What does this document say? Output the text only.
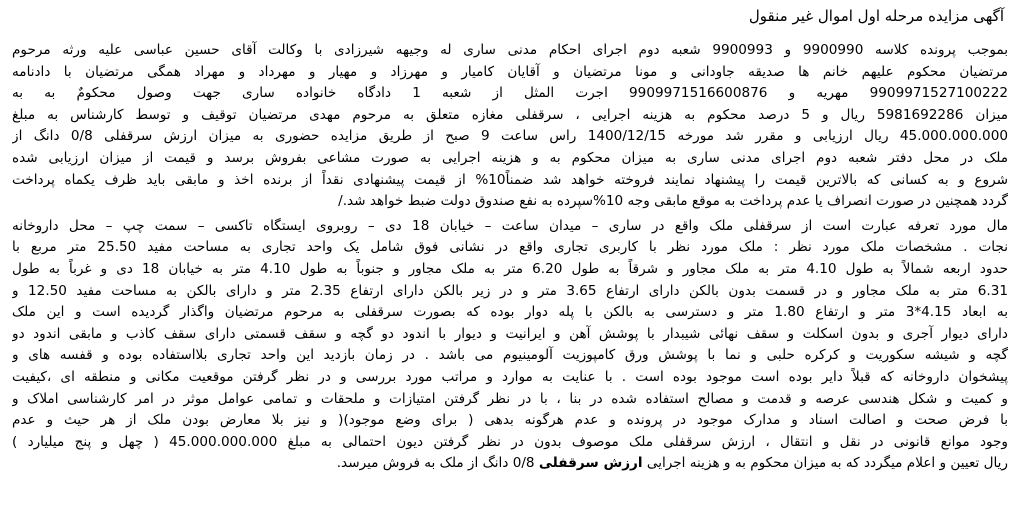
آگهی مزایده مرحله اول اموال غیر منقول
بموجب پرونده کلاسه 9900990 و 9900993 شعبه دوم اجرای احکام مدنی ساری له وجیهه شیرزادی با وکالت آقای حسین عباسی علیه ورثه مرحوم
مرتضیان محکوم علیهم خانم ها صدیقه جاودانی و مونا مرتضیان و آقایان کامیار و مهرزاد و مهیار و مهرداد و مهراد همگی مرتضیان با دادنامه
9909971527100222 مهریه و 9909971516600876 اجرت المثل از شعبه 1 دادگاه خانواده ساری جهت وصول محکومٌ به به
میزان 5981692286 ریال و 5 درصد محکوم به هزینه اجرایی ، سرقفلی مغازه متعلق به مرحوم مهدی مرتضیان توقیف و توسط کارشناس به مبلغ
45.000.000.000 ریال ارزیابی و مقرر شد مورخه 1400/12/15 راس ساعت 9 صبح از طریق مزایده حضوری به میزان ارزش سرقفلی 0/8 دانگ از
ملک در محل دفتر شعبه دوم اجرای مدنی ساری به میزان محکوم به و هزینه اجرایی به صورت مشاعی بفروش برسد و قیمت از میزان ارزیابی شده
شروع و به کسانی که بالاترین قیمت را پیشنهاد نمایند فروخته خواهد شد ضمناً10% از قیمت پیشنهادی نقداً از برنده اخذ و مابقی باید ظرف یکماه پرداخت
گردد همچنین در صورت انصراف یا عدم پرداخت به موقع مابقی وجه 10%سپرده به نفع صندوق دولت ضبط خواهد شد./
مال مورد تعرفه عبارت است از سرقفلی ملک واقع در ساری – میدان ساعت – خیابان 18 دی – روبروی ایستگاه تاکسی – سمت چپ – محل داروخانه
نجات . مشخصات ملک مورد نظر : ملک مورد نظر با کاربری تجاری واقع در نشانی فوق شامل یک واحد تجاری به مساحت مفید 25.50 متر مربع با
حدود اربعه شمالاً به طول 4.10 متر به ملک مجاور و شرقاً به طول 6.20 متر به ملک مجاور و جنوباً به طول 4.10 متر به خیابان 18 دی و غرباً به طول
6.31 متر به ملک مجاور و در قسمت بدون بالکن دارای ارتفاع 3.65 متر و در زیر بالکن دارای ارتفاع 2.35 متر و دارای بالکن به مساحت مفید 12.50 و
به ابعاد 4.15*3 متر و ارتفاع 1.80 متر و دسترسی به بالکن با پله دوار بوده که بصورت سرقفلی به مرحوم مرتضیان واگذار گردیده است و این ملک
دارای دیوار آجری و بدون اسکلت و سقف نهائی شیبدار با پوشش آهن و ایرانیت و دیوار با اندود دو گچه و سقف قسمتی دارای سقف کاذب و مابقی اندود دو
گچه و شیشه سکوریت و کرکره حلبی و نما با پوشش ورق کامپوزیت آلومینیوم می باشد . در زمان بازدید این واحد تجاری بلااستفاده بوده و قفسه های و
پیشخوان داروخانه که قبلاً دایر بوده است موجود بوده است . با عنایت به موارد و مراتب مورد بررسی و در نظر گرفتن موقعیت مکانی و منطقه ای ،کیفیت
و کمیت و شکل هندسی عرصه و قدمت و مصالح استفاده شده در بنا ، با در نظر گرفتن امتیازات و ملحقات و تمامی عوامل موثر در امر کارشناسی املاک و
با فرض صحت و اصالت اسناد و مدارک موجود در پرونده و عدم هرگونه بدهی ( برای وضع موجود)( و نیز بلا معارض بودن ملک از هر حیث و عدم
وجود موانع قانونی در نقل و انتقال ، ارزش سرقفلی ملک موصوف بدون در نظر گرفتن دیون احتمالی به مبلغ 45.000.000.000 ( چهل و پنج میلیارد )
ریال تعیین و اعلام میگردد که به میزان محکوم به و هزینه اجرایی ارزش سرقفلی 0/8 دانگ از ملک به فروش میرسد.
